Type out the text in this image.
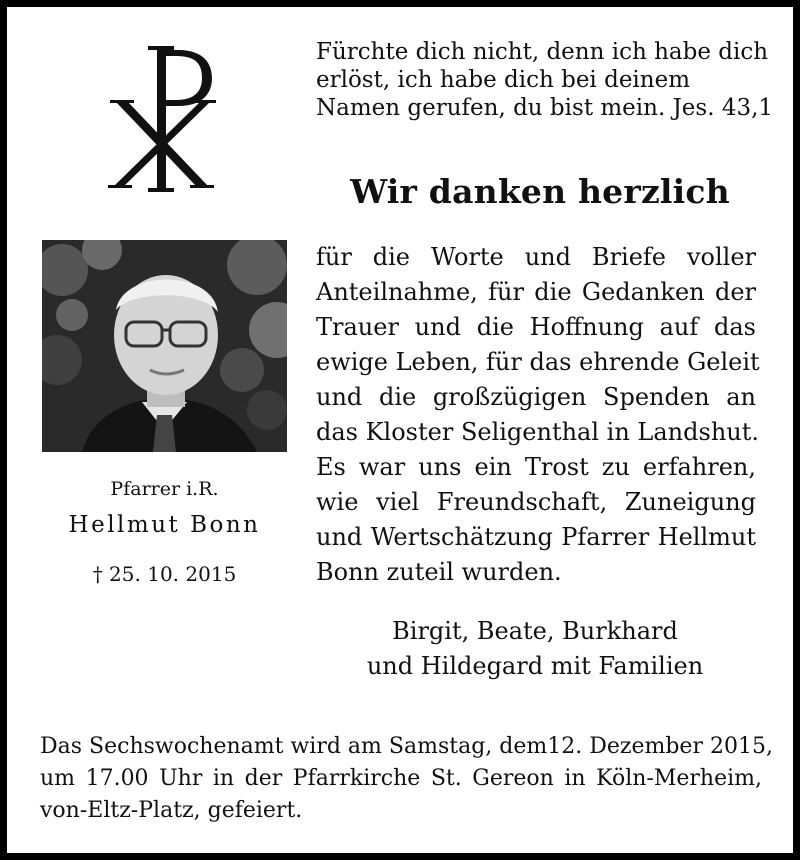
Fürchte dich nicht, denn ich habe dich
erlöst, ich habe dich bei deinem
Namen gerufen, du bist mein. Jes. 43,1
Wir danken herzlich
Pfarrer i.R.
Hellmut Bonn
† 25. 10. 2015
für die Worte und Briefe voller
Anteilnahme, für die Gedanken der
Trauer und die Hoffnung auf das
ewige Leben, für das ehrende Geleit
und die großzügigen Spenden an
das Kloster Seligenthal in Landshut.
Es war uns ein Trost zu erfahren,
wie viel Freundschaft, Zuneigung
und Wertschätzung Pfarrer Hellmut
Bonn zuteil wurden.
Birgit, Beate, Burkhard
und Hildegard mit Familien
Das Sechswochenamt wird am Samstag, dem12. Dezember 2015,
um 17.00 Uhr in der Pfarrkirche St. Gereon in Köln-Merheim,
von-Eltz-Platz, gefeiert.
